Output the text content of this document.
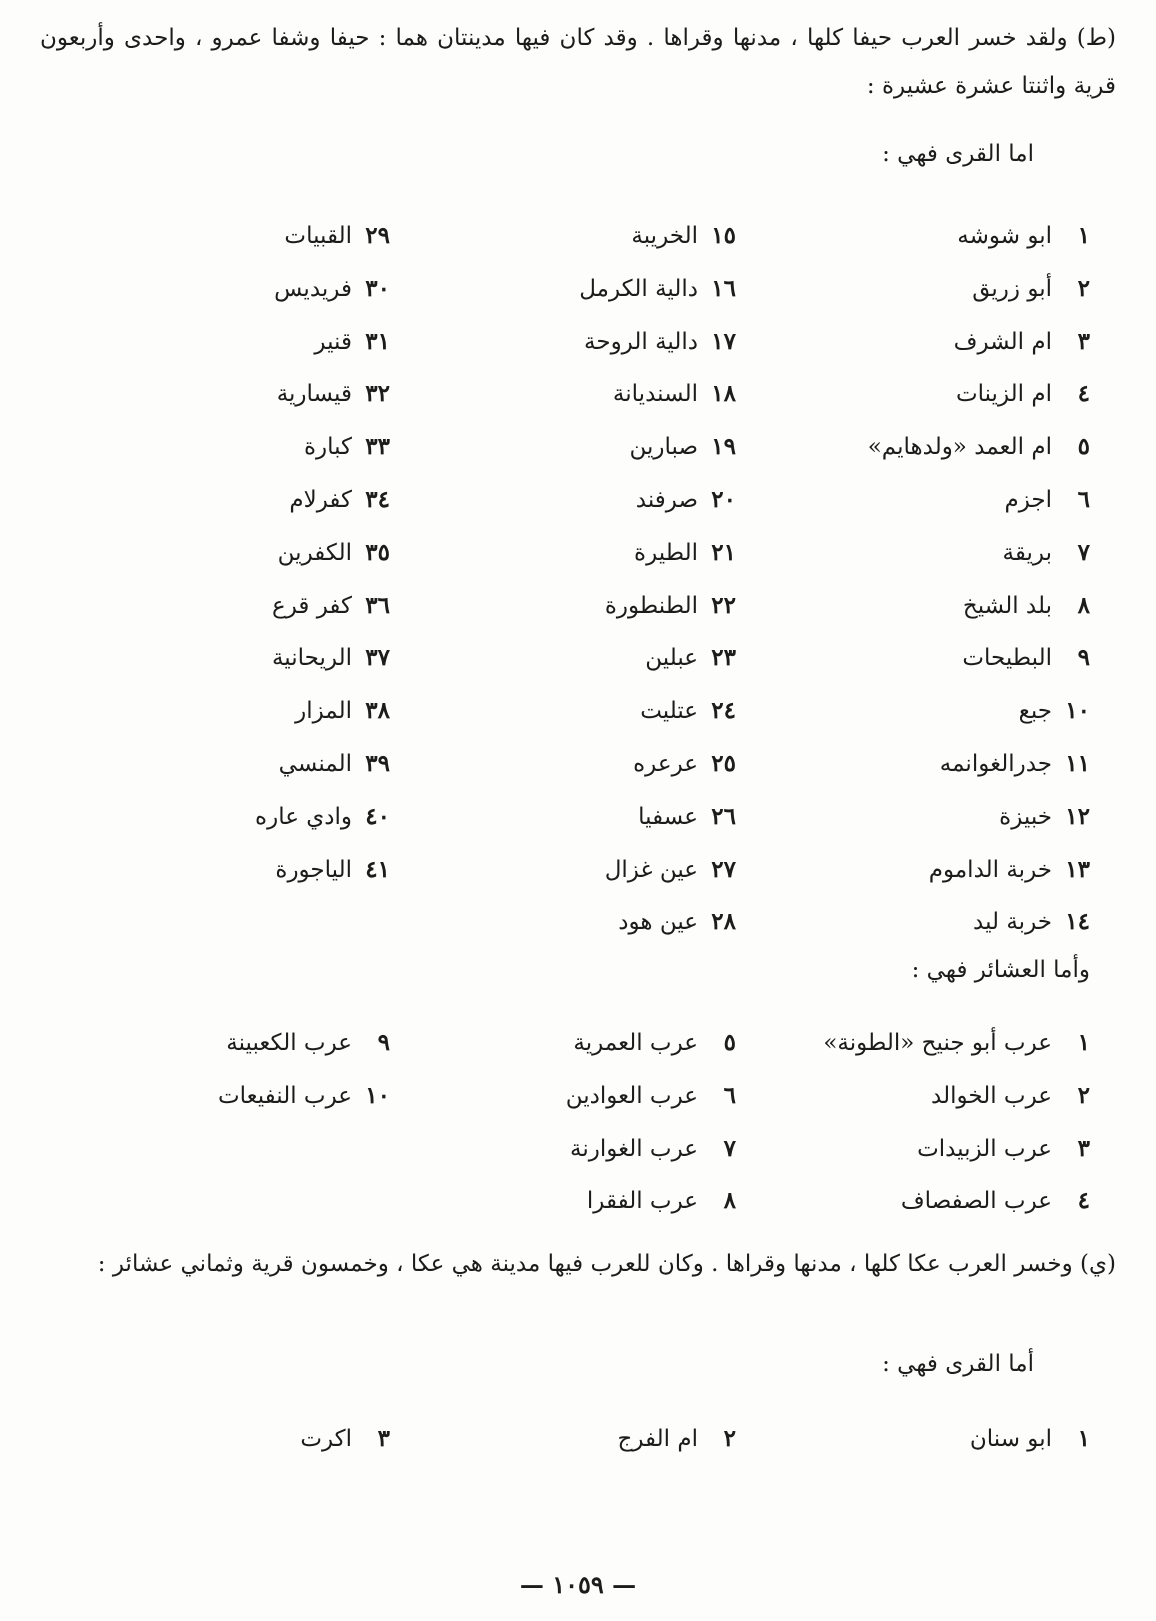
(ط) ولقد خسر العرب حيفا كلها ، مدنها وقراها . وقد كان فيها مدينتان هما : حيفا وشفا عمرو ، واحدى وأربعون قرية واثنتا عشرة عشيرة :
اما القرى فهي :
١
ابو شوشه
٢
أبو زريق
٣
ام الشرف
٤
ام الزينات
٥
ام العمد «ولدهايم»
٦
اجزم
٧
بريقة
٨
بلد الشيخ
٩
البطيحات
١٠
جبع
١١
جدرالغوانمه
١٢
خبيزة
١٣
خربة الداموم
١٤
خربة ليد
١٥
الخريبة
١٦
دالية الكرمل
١٧
دالية الروحة
١٨
السنديانة
١٩
صبارين
٢٠
صرفند
٢١
الطيرة
٢٢
الطنطورة
٢٣
عبلين
٢٤
عتليت
٢٥
عرعره
٢٦
عسفيا
٢٧
عين غزال
٢٨
عين هود
٢٩
القبيات
٣٠
فريديس
٣١
قنير
٣٢
قيسارية
٣٣
كبارة
٣٤
كفرلام
٣٥
الكفرين
٣٦
كفر قرع
٣٧
الريحانية
٣٨
المزار
٣٩
المنسي
٤٠
وادي عاره
٤١
الياجورة
وأما العشائر فهي :
١
عرب أبو جنيح «الطونة»
٢
عرب الخوالد
٣
عرب الزبيدات
٤
عرب الصفصاف
٥
عرب العمرية
٦
عرب العوادين
٧
عرب الغوارنة
٨
عرب الفقرا
٩
عرب الكعبينة
١٠
عرب النفيعات
(ي) وخسر العرب عكا كلها ، مدنها وقراها . وكان للعرب فيها مدينة هي عكا ، وخمسون قرية وثماني عشائر :
أما القرى فهي :
١
ابو سنان
٢
ام الفرج
٣
اكرت
— ١٠٥٩ —
